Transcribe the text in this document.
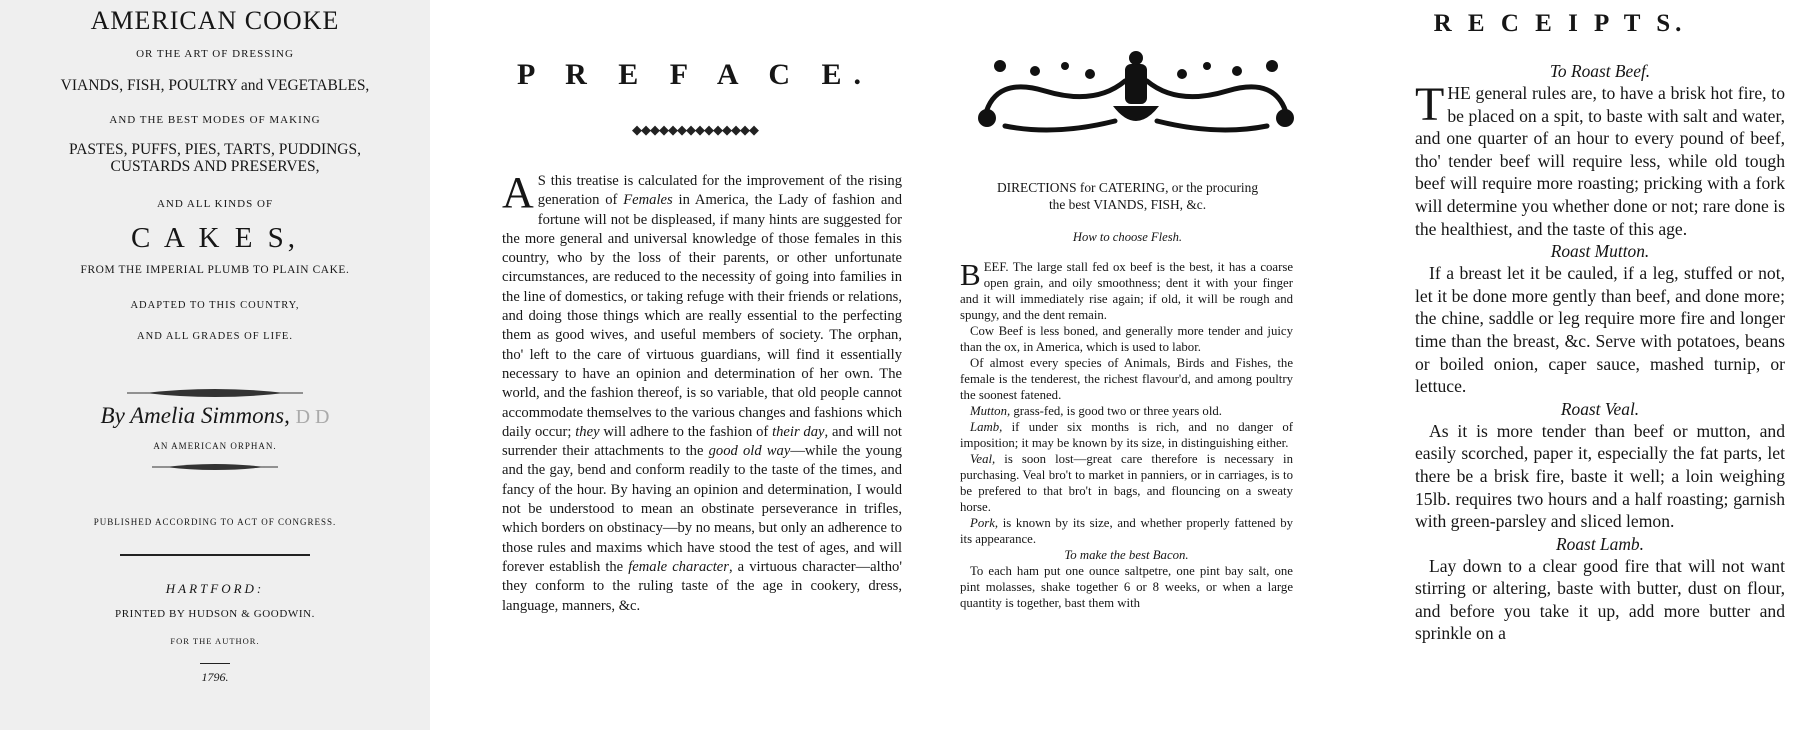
AMERICAN COOKE
OR THE ART OF DRESSING
VIANDS, FISH, POULTRY and VEGETABLES,
AND THE BEST MODES OF MAKING
PASTES, PUFFS, PIES, TARTS, PUDDINGS,
CUSTARDS AND PRESERVES,
AND ALL KINDS OF
C A K E S,
FROM THE IMPERIAL PLUMB TO PLAIN CAKE.
ADAPTED TO THIS COUNTRY,
AND ALL GRADES OF LIFE.
By Amelia Simmons, D D
AN AMERICAN ORPHAN.
PUBLISHED ACCORDING TO ACT OF CONGRESS.
HARTFORD:
PRINTED BY HUDSON & GOODWIN.
FOR THE AUTHOR.
1796.
P R E F A C E.
◆◆◆◆◆◆◆◆◆◆◆◆◆◆
A S this treatise is calculated for the improvement of the rising generation of Females in America, the Lady of fashion and fortune will not be displeased, if many hints are suggested for the more general and universal knowledge of those females in this country, who by the loss of their parents, or other unfortunate circumstances, are reduced to the necessity of going into families in the line of domestics, or taking refuge with their friends or relations, and doing those things which are really essential to the perfecting them as good wives, and useful members of society. The orphan, tho' left to the care of virtuous guardians, will find it essentially necessary to have an opinion and determination of her own. The world, and the fashion thereof, is so variable, that old people cannot accommodate themselves to the various changes and fashions which daily occur; they will adhere to the fashion of their day, and will not surrender their attachments to the good old way—while the young and the gay, bend and conform readily to the taste of the times, and fancy of the hour. By having an opinion and determination, I would not be understood to mean an obstinate perseverance in trifles, which borders on obstinacy—by no means, but only an adherence to those rules and maxims which have stood the test of ages, and will forever establish the female character, a virtuous character—altho' they conform to the ruling taste of the age in cookery, dress, language, manners, &c.
DIRECTIONS for CATERING, or the procuring
the best VIANDS, FISH, &c.
How to choose Flesh.

BEEF. The large stall fed ox beef is the best, it has a coarse open grain, and oily smoothness; dent it with your finger and it will immediately rise again; if old, it will be rough and spungy, and the dent remain.

Cow Beef is less boned, and generally more tender and juicy than the ox, in America, which is used to labor.

Of almost every species of Animals, Birds and Fishes, the female is the tenderest, the richest flavour'd, and among poultry the soonest fatened.

Mutton, grass-fed, is good two or three years old.

Lamb, if under six months is rich, and no danger of imposition; it may be known by its size, in distinguishing either.

Veal, is soon lost—great care therefore is necessary in purchasing. Veal bro't to market in panniers, or in carriages, is to be prefered to that bro't in bags, and flouncing on a sweaty horse.

Pork, is known by its size, and whether properly fattened by its appearance.

To make the best Bacon.

To each ham put one ounce saltpetre, one pint bay salt, one pint molasses, shake together 6 or 8 weeks, or when a large quantity is together, bast them with

R E C E I P T S.
To Roast Beef.

THE general rules are, to have a brisk hot fire, to be placed on a spit, to baste with salt and water, and one quarter of an hour to every pound of beef, tho' tender beef will require less, while old tough beef will require more roasting; pricking with a fork will determine you whether done or not; rare done is the healthiest, and the taste of this age.

Roast Mutton.

If a breast let it be cauled, if a leg, stuffed or not, let it be done more gently than beef, and done more; the chine, saddle or leg require more fire and longer time than the breast, &c. Serve with potatoes, beans or boiled onion, caper sauce, mashed turnip, or lettuce.

Roast Veal.

As it is more tender than beef or mutton, and easily scorched, paper it, especially the fat parts, let there be a brisk fire, baste it well; a loin weighing 15lb. requires two hours and a half roasting; garnish with green-parsley and sliced lemon.

Roast Lamb.

Lay down to a clear good fire that will not want stirring or altering, baste with butter, dust on flour, and before you take it up, add more butter and sprinkle on a
